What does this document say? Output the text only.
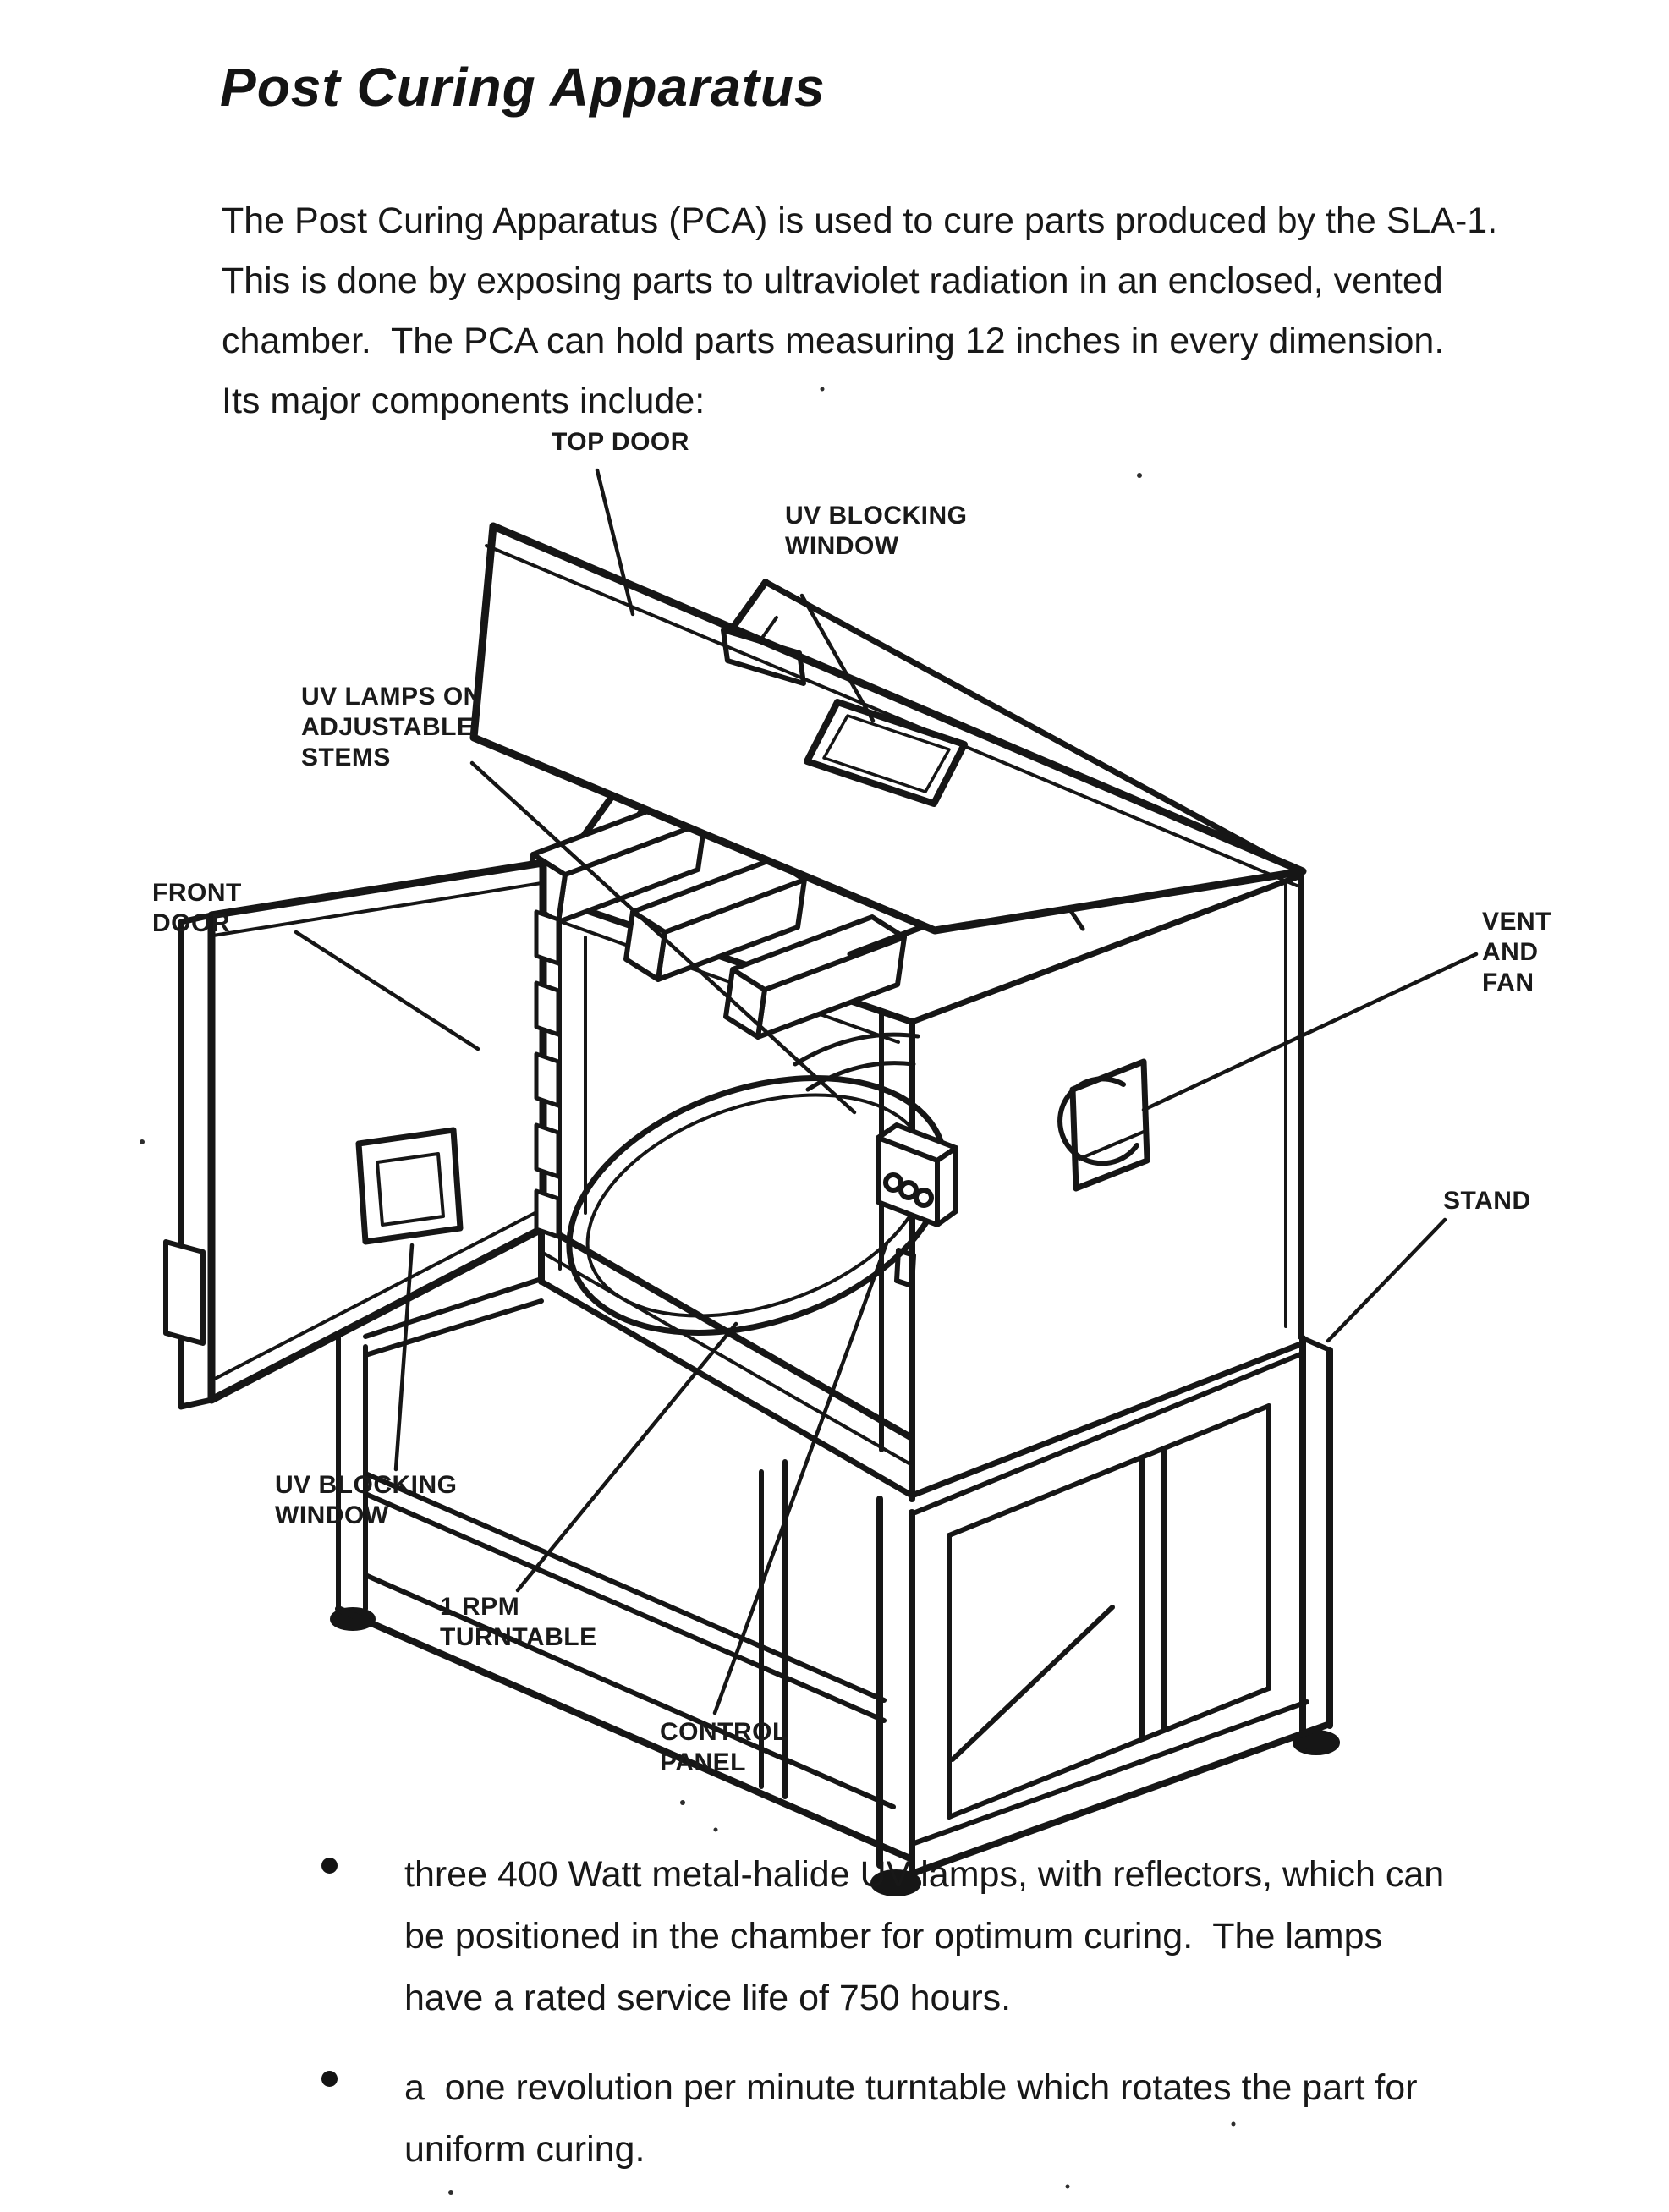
Post Curing Apparatus
The Post Curing Apparatus (PCA) is used to cure parts produced by the SLA-1.
This is done by exposing parts to ultraviolet radiation in an enclosed, vented
chamber.  The PCA can hold parts measuring 12 inches in every dimension.
Its major components include:
TOP DOOR
UV BLOCKING
WINDOW
UV LAMPS ON
ADJUSTABLE
STEMS
FRONT
DOOR	VENT
AND
FAN
STAND
UV BLOCKING
WINDOW
1 RPM
TURNTABLE
CONTROL
PANEL
three 400 Watt metal-halide UV lamps, with reflectors, which can
be positioned in the chamber for optimum curing.  The lamps
have a rated service life of 750 hours.
a  one revolution per minute turntable which rotates the part for
uniform curing.
